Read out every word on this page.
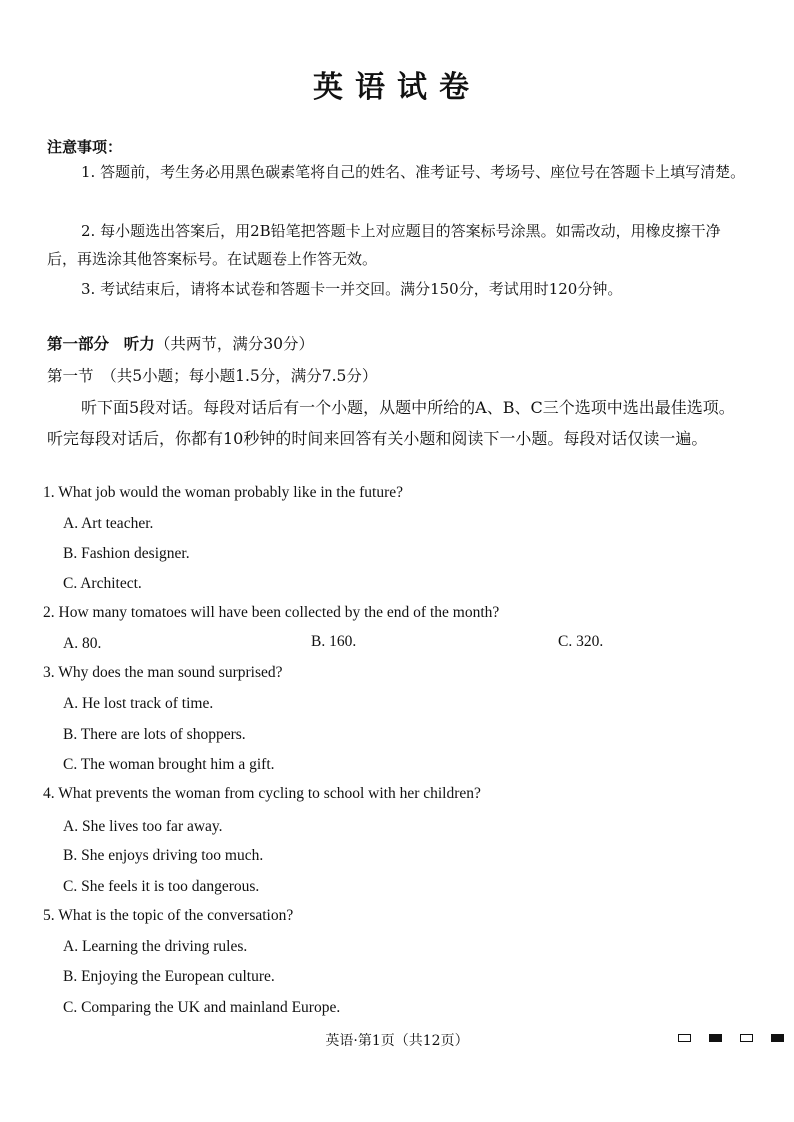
英语试卷
注意事项：
1. 答题前，考生务必用黑色碳素笔将自己的姓名、准考证号、考场号、座位号在答题卡上填写清楚。
2. 每小题选出答案后，用2B铅笔把答题卡上对应题目的答案标号涂黑。如需改动，用橡皮擦干净后，再选涂其他答案标号。在试题卷上作答无效。
3. 考试结束后，请将本试卷和答题卡一并交回。满分150分，考试用时120分钟。
第一部分 听力（共两节，满分30分）
第一节　（共5小题；每小题1.5分，满分7.5分）
听下面5段对话。每段对话后有一个小题，从题中所给的A、B、C三个选项中选出最佳选项。听完每段对话后，你都有10秒钟的时间来回答有关小题和阅读下一小题。每段对话仅读一遍。
1. What job would the woman probably like in the future?
A. Art teacher.
B. Fashion designer.
C. Architect.
2. How many tomatoes will have been collected by the end of the month?
A. 80.	B. 160.	C. 320.
3. Why does the man sound surprised?
A. He lost track of time.
B. There are lots of shoppers.
C. The woman brought him a gift.
4. What prevents the woman from cycling to school with her children?
A. She lives too far away.
B. She enjoys driving too much.
C. She feels it is too dangerous.
5. What is the topic of the conversation?
A. Learning the driving rules.
B. Enjoying the European culture.
C. Comparing the UK and mainland Europe.
英语·第1页（共12页）
